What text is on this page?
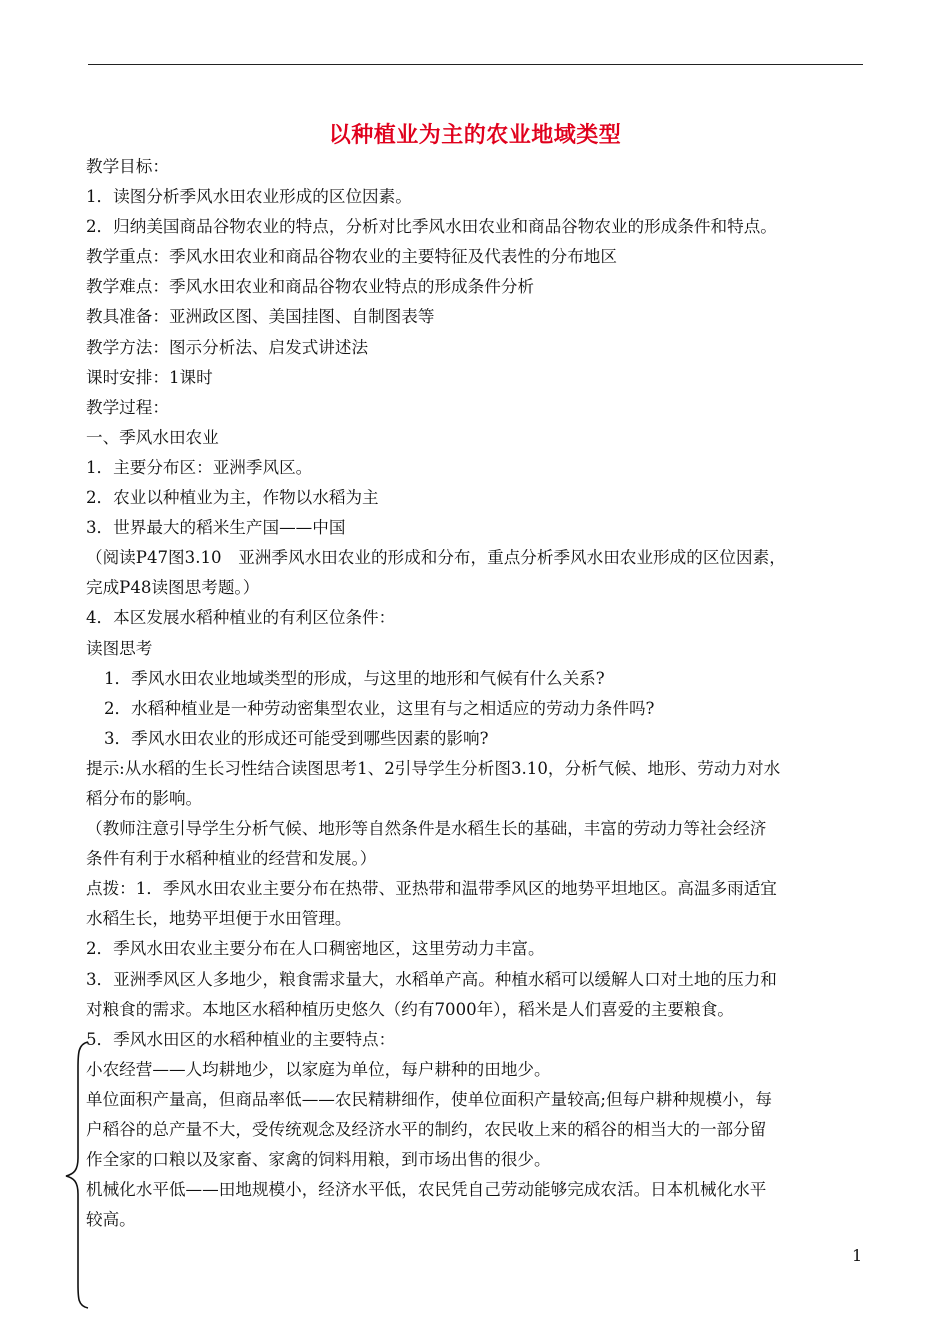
以种植业为主的农业地域类型
教学目标：
1．读图分析季风水田农业形成的区位因素。
2．归纳美国商品谷物农业的特点，分析对比季风水田农业和商品谷物农业的形成条件和特点。
教学重点：季风水田农业和商品谷物农业的主要特征及代表性的分布地区
教学难点：季风水田农业和商品谷物农业特点的形成条件分析
教具准备：亚洲政区图、美国挂图、自制图表等
教学方法：图示分析法、启发式讲述法
课时安排：1课时
教学过程：
一、季风水田农业
1．主要分布区：亚洲季风区。
2．农业以种植业为主，作物以水稻为主
3．世界最大的稻米生产国——中国
（阅读P47图3.10　亚洲季风水田农业的形成和分布，重点分析季风水田农业形成的区位因素，
完成P48读图思考题。）
4．本区发展水稻种植业的有利区位条件：
读图思考
1．季风水田农业地域类型的形成，与这里的地形和气候有什么关系?
2．水稻种植业是一种劳动密集型农业，这里有与之相适应的劳动力条件吗?
3．季风水田农业的形成还可能受到哪些因素的影响?
提示:从水稻的生长习性结合读图思考1、2引导学生分析图3.10，分析气候、地形、劳动力对水
稻分布的影响。
（教师注意引导学生分析气候、地形等自然条件是水稻生长的基础，丰富的劳动力等社会经济
条件有利于水稻种植业的经营和发展。）
点拨：1．季风水田农业主要分布在热带、亚热带和温带季风区的地势平坦地区。高温多雨适宜
水稻生长，地势平坦便于水田管理。
2．季风水田农业主要分布在人口稠密地区，这里劳动力丰富。
3．亚洲季风区人多地少，粮食需求量大，水稻单产高。种植水稻可以缓解人口对土地的压力和
对粮食的需求。本地区水稻种植历史悠久（约有7000年），稻米是人们喜爱的主要粮食。
5．季风水田区的水稻种植业的主要特点：
小农经营——人均耕地少，以家庭为单位，每户耕种的田地少。
单位面积产量高，但商品率低——农民精耕细作，使单位面积产量较高;但每户耕种规模小，每
户稻谷的总产量不大，受传统观念及经济水平的制约，农民收上来的稻谷的相当大的一部分留
作全家的口粮以及家畜、家禽的饲料用粮，到市场出售的很少。
机械化水平低——田地规模小，经济水平低，农民凭自己劳动能够完成农活。日本机械化水平
较高。
1
